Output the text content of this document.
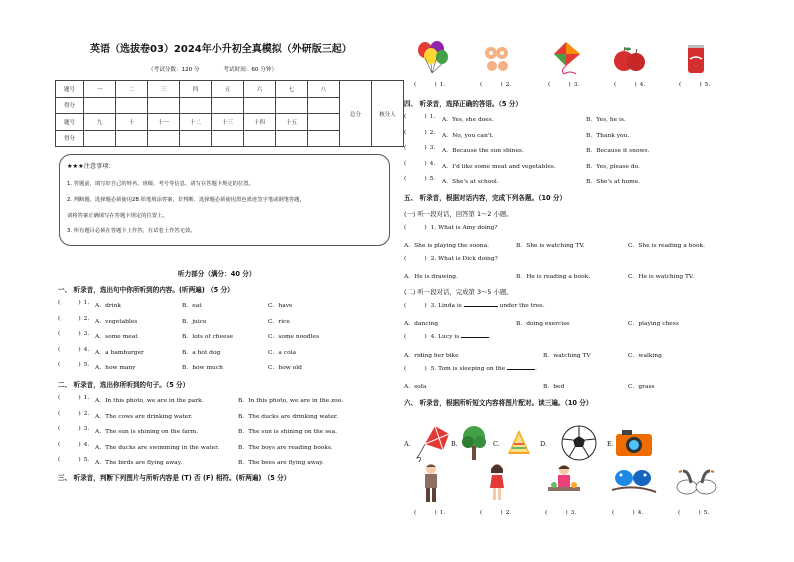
英语（选拔卷03）2024年小升初全真模拟（外研版三起）
（考试分数：120 分	考试时间：60 分钟）
题号	一	二	三	四	五	六	七	八	总分	核分人
得分										
题号	九	十	十一	十二	十三	十四	十五			
得分										
★★★注意事项：
1. 答题前，填写好自己的姓名、班级、考号等信息，请写在答题卡规定的位置。
2. 判断题、选择题必须使用2B 铅笔填涂答案，非判断、选择题必须使用黑色墨迹签字笔或钢笔答题，
请将答案正确填写在答题卡规定的位置上。
3. 所有题目必须在答题卡上作答，在试卷上作答无效。
听力部分（满分：40 分）
一、 听录音，选出句中你所听到的内容。(听两遍) （5 分）
(	) 1. A．drink	B．eat	C．have
(	) 2. A．vegetables	B．juice	C．rice
(	) 3. A．some meat	B．lots of cheese	C．some noodles
(	) 4. A．a hamburger	B．a hot dog	C．a cola
(	) 5. A．how many	B．how much	C．how old
二、 听录音，选出你所听到的句子。（5 分）
(	) 1. A．In this photo, we are in the park.	B．In this photo, we are in the zoo.
(	) 2. A．The cows are drinking water.	B．The ducks are drinking water.
(	) 3. A．The sun is shining on the farm.	B．The sun is shining on the sea.
(	) 4. A．The ducks are swimming in the water.	B．The boys are reading books.
(	) 5. A．The birds are flying away.	B．The bees are flying away.
三、 听录音，判断下列图片与所听内容是 (T) 否 (F) 相符。(听两遍) （5 分）
(	) 1.	(	) 2.	(	) 3.	(	) 4.	(	) 5.
四、 听录音，选择正确的答语。（5 分）
(	) 1. A．Yes, she does.	B．Yes, he is.
(	) 2. A．No, you can't.	B．Thank you.
(	) 3. A．Because the sun shines.	B．Because it snows.
(	) 4. A．I'd like some meat and vegetables.	B．Yes, please do.
(	) 5. A．She's at school.	B．She's at home.
五、 听录音，根据对话内容，完成下列各题。（10 分）
(一) 听一段对话，回答第 1～2 小题。
(	) 1. What is Amy doing?
A．She is playing the suona.	B．She is watching TV.	C．She is reading a book.
(	) 2. What is Dick doing?
A．He is drawing.	B．He is reading a book.	C．He is watching TV.
(二) 听一段对话，完成第 3～5 小题。
(	) 3. Linda is	under the tree.
A．dancing	B．doing exercise	C．playing chess
(	) 4. Lucy is	.
A．riding her bike	B．watching TV	C．walking
(	) 5. Tom is sleeping on the	.
A．sofa	B．bed	C．grass
六、 听录音，根据所听短文内容将图片配对。读三遍。（10 分）
A.	B.	C.	D.	E.
(	) 1.	(	) 2.	(	) 3.	(	) 4.	(	) 5.
